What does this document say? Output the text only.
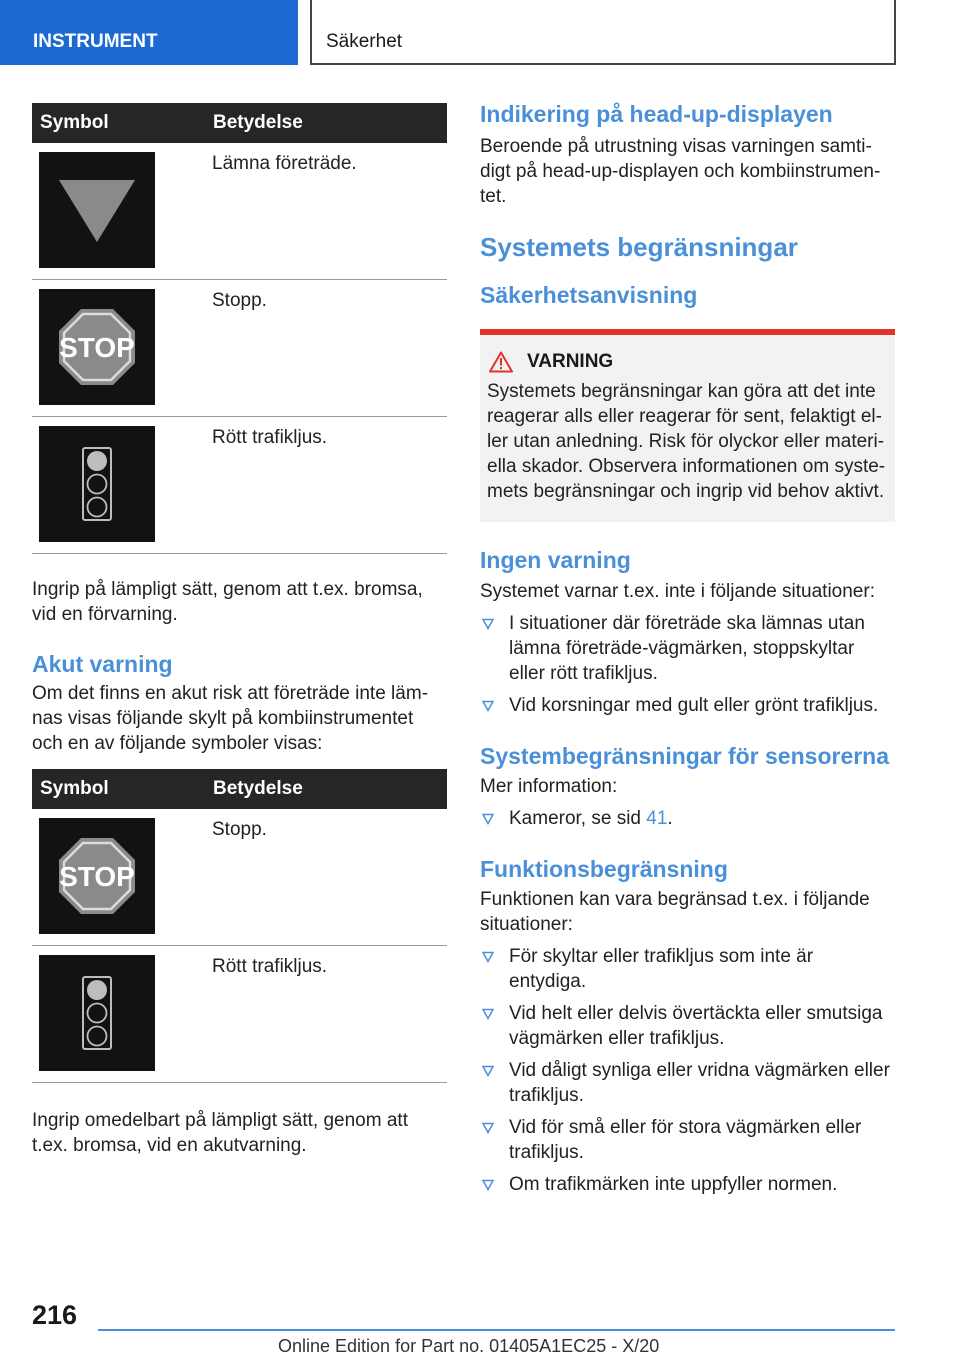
INSTRUMENT	Säkerhet
Symbol	Betydelse

	Lämna företräde.

STOP	Stopp.

	Rött trafikljus.

Ingrip på lämpligt sätt, genom att t.ex. bromsa, vid en förvarning.

Akut varning

Om det finns en akut risk att företräde inte lämnas visas följande skylt på kombiinstrumentet och en av följande symboler visas:

Symbol	Betydelse

STOP	Stopp.

	Rött trafikljus.

Ingrip omedelbart på lämpligt sätt, genom att t.ex. bromsa, vid en akutvarning.

Indikering på head-up-displayen

Beroende på utrustning visas varningen samtidigt på head-up-displayen och kombiinstrumentet.

Systemets begränsningar
Säkerhetsanvisning
VARNING

Systemets begränsningar kan göra att det inte reagerar alls eller reagerar för sent, felaktigt eller utan anledning. Risk för olyckor eller materiella skador. Observera informationen om systemets begränsningar och ingrip vid behov aktivt.

Ingen varning

Systemet varnar t.ex. inte i följande situationer:

I situationer där företräde ska lämnas utan lämna företräde-vägmärken, stoppskyltar eller rött trafikljus.
Vid korsningar med gult eller grönt trafikljus.
Systembegränsningar för sensorerna

Mer information:

Kameror, se sid 41.
Funktionsbegränsning

Funktionen kan vara begränsad t.ex. i följande situationer:

För skyltar eller trafikljus som inte är entydiga.
Vid helt eller delvis övertäckta eller smutsiga vägmärken eller trafikljus.
Vid dåligt synliga eller vridna vägmärken eller trafikljus.
Vid för små eller för stora vägmärken eller trafikljus.
Om trafikmärken inte uppfyller normen.
216
Online Edition for Part no. 01405A1EC25 - X/20
